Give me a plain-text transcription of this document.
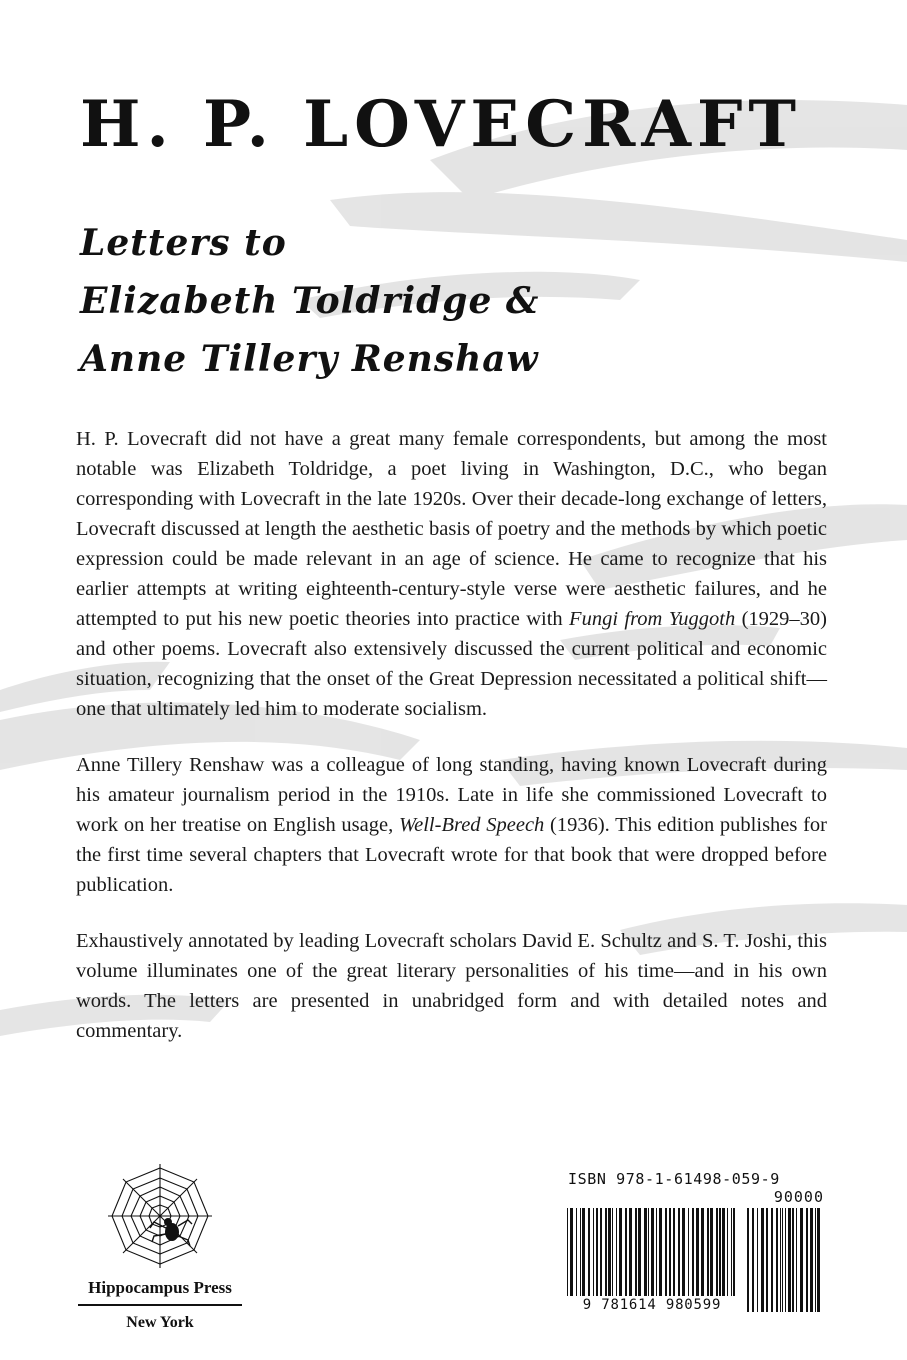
H. P. LOVECRAFT
Letters to
Elizabeth Toldridge &
Anne Tillery Renshaw

H. P. Lovecraft did not have a great many female correspondents, but among the most notable was Elizabeth Toldridge, a poet living in Washington, D.C., who began corresponding with Lovecraft in the late 1920s. Over their decade-long exchange of letters, Lovecraft discussed at length the aesthetic basis of poetry and the methods by which poetic expression could be made relevant in an age of science. He came to recognize that his earlier attempts at writing eighteenth-century-style verse were aesthetic failures, and he attempted to put his new poetic theories into practice with Fungi from Yuggoth (1929–30) and other poems. Lovecraft also extensively discussed the current political and economic situation, recognizing that the onset of the Great Depression necessitated a political shift—one that ultimately led him to moderate socialism.

Anne Tillery Renshaw was a colleague of long standing, having known Lovecraft during his amateur journalism period in the 1910s. Late in life she commissioned Lovecraft to work on her treatise on English usage, Well-Bred Speech (1936). This edition publishes for the first time several chapters that Lovecraft wrote for that book that were dropped before publication.

Exhaustively annotated by leading Lovecraft scholars David E. Schultz and S. T. Joshi, this volume illuminates one of the great literary personalities of his time—and in his own words. The letters are presented in unabridged form and with detailed notes and commentary.

Hippocampus Press

New York

ISBN 978-1-61498-059-9

90000

9 781614 980599
